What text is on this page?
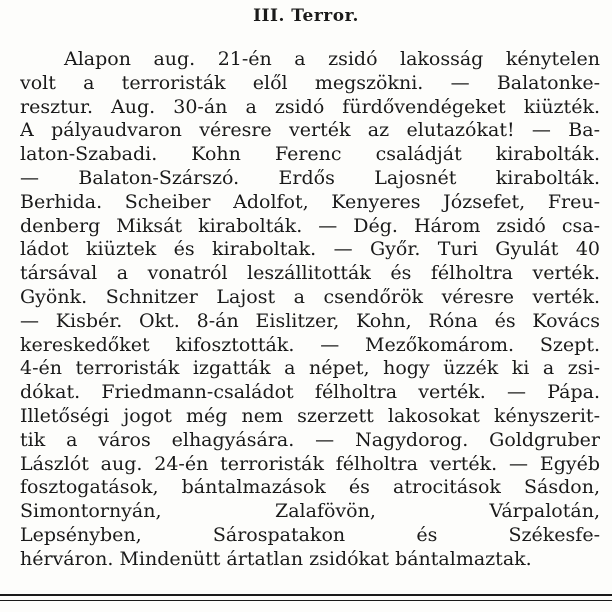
III. Terror.
Alapon aug. 21-én a zsidó lakosság kénytelen
volt a terroristák elől megszökni. — Balatonke-
resztur. Aug. 30-án a zsidó fürdővendégeket kiüzték.
A pályaudvaron véresre verték az elutazókat! — Ba-
laton-Szabadi. Kohn Ferenc családját kirabolták.
— Balaton-Szárszó. Erdős Lajosnét kirabolták.
Berhida. Scheiber Adolfot, Kenyeres Józsefet, Freu-
denberg Miksát kirabolták. — Dég. Három zsidó csa-
ládot kiüztek és kiraboltak. — Győr. Turi Gyulát 40
társával a vonatról leszállitották és félholtra verték.
Gyönk. Schnitzer Lajost a csendőrök véresre verték.
— Kisbér. Okt. 8-án Eislitzer, Kohn, Róna és Kovács
kereskedőket kifosztották. — Mezőkomárom. Szept.
4-én terroristák izgatták a népet, hogy üzzék ki a zsi-
dókat. Friedmann-családot félholtra verték. — Pápa.
Illetőségi jogot még nem szerzett lakosokat kényszerit-
tik a város elhagyására. — Nagydorog. Goldgruber
Lászlót aug. 24-én terroristák félholtra verték. — Egyéb
fosztogatások, bántalmazások és atrocitások Sásdon,
Simontornyán, Zalafövön, Várpalotán,
Lepsényben, Sárospatakon és Székesfe-
hérváron. Mindenütt ártatlan zsidókat bántalmaztak.
